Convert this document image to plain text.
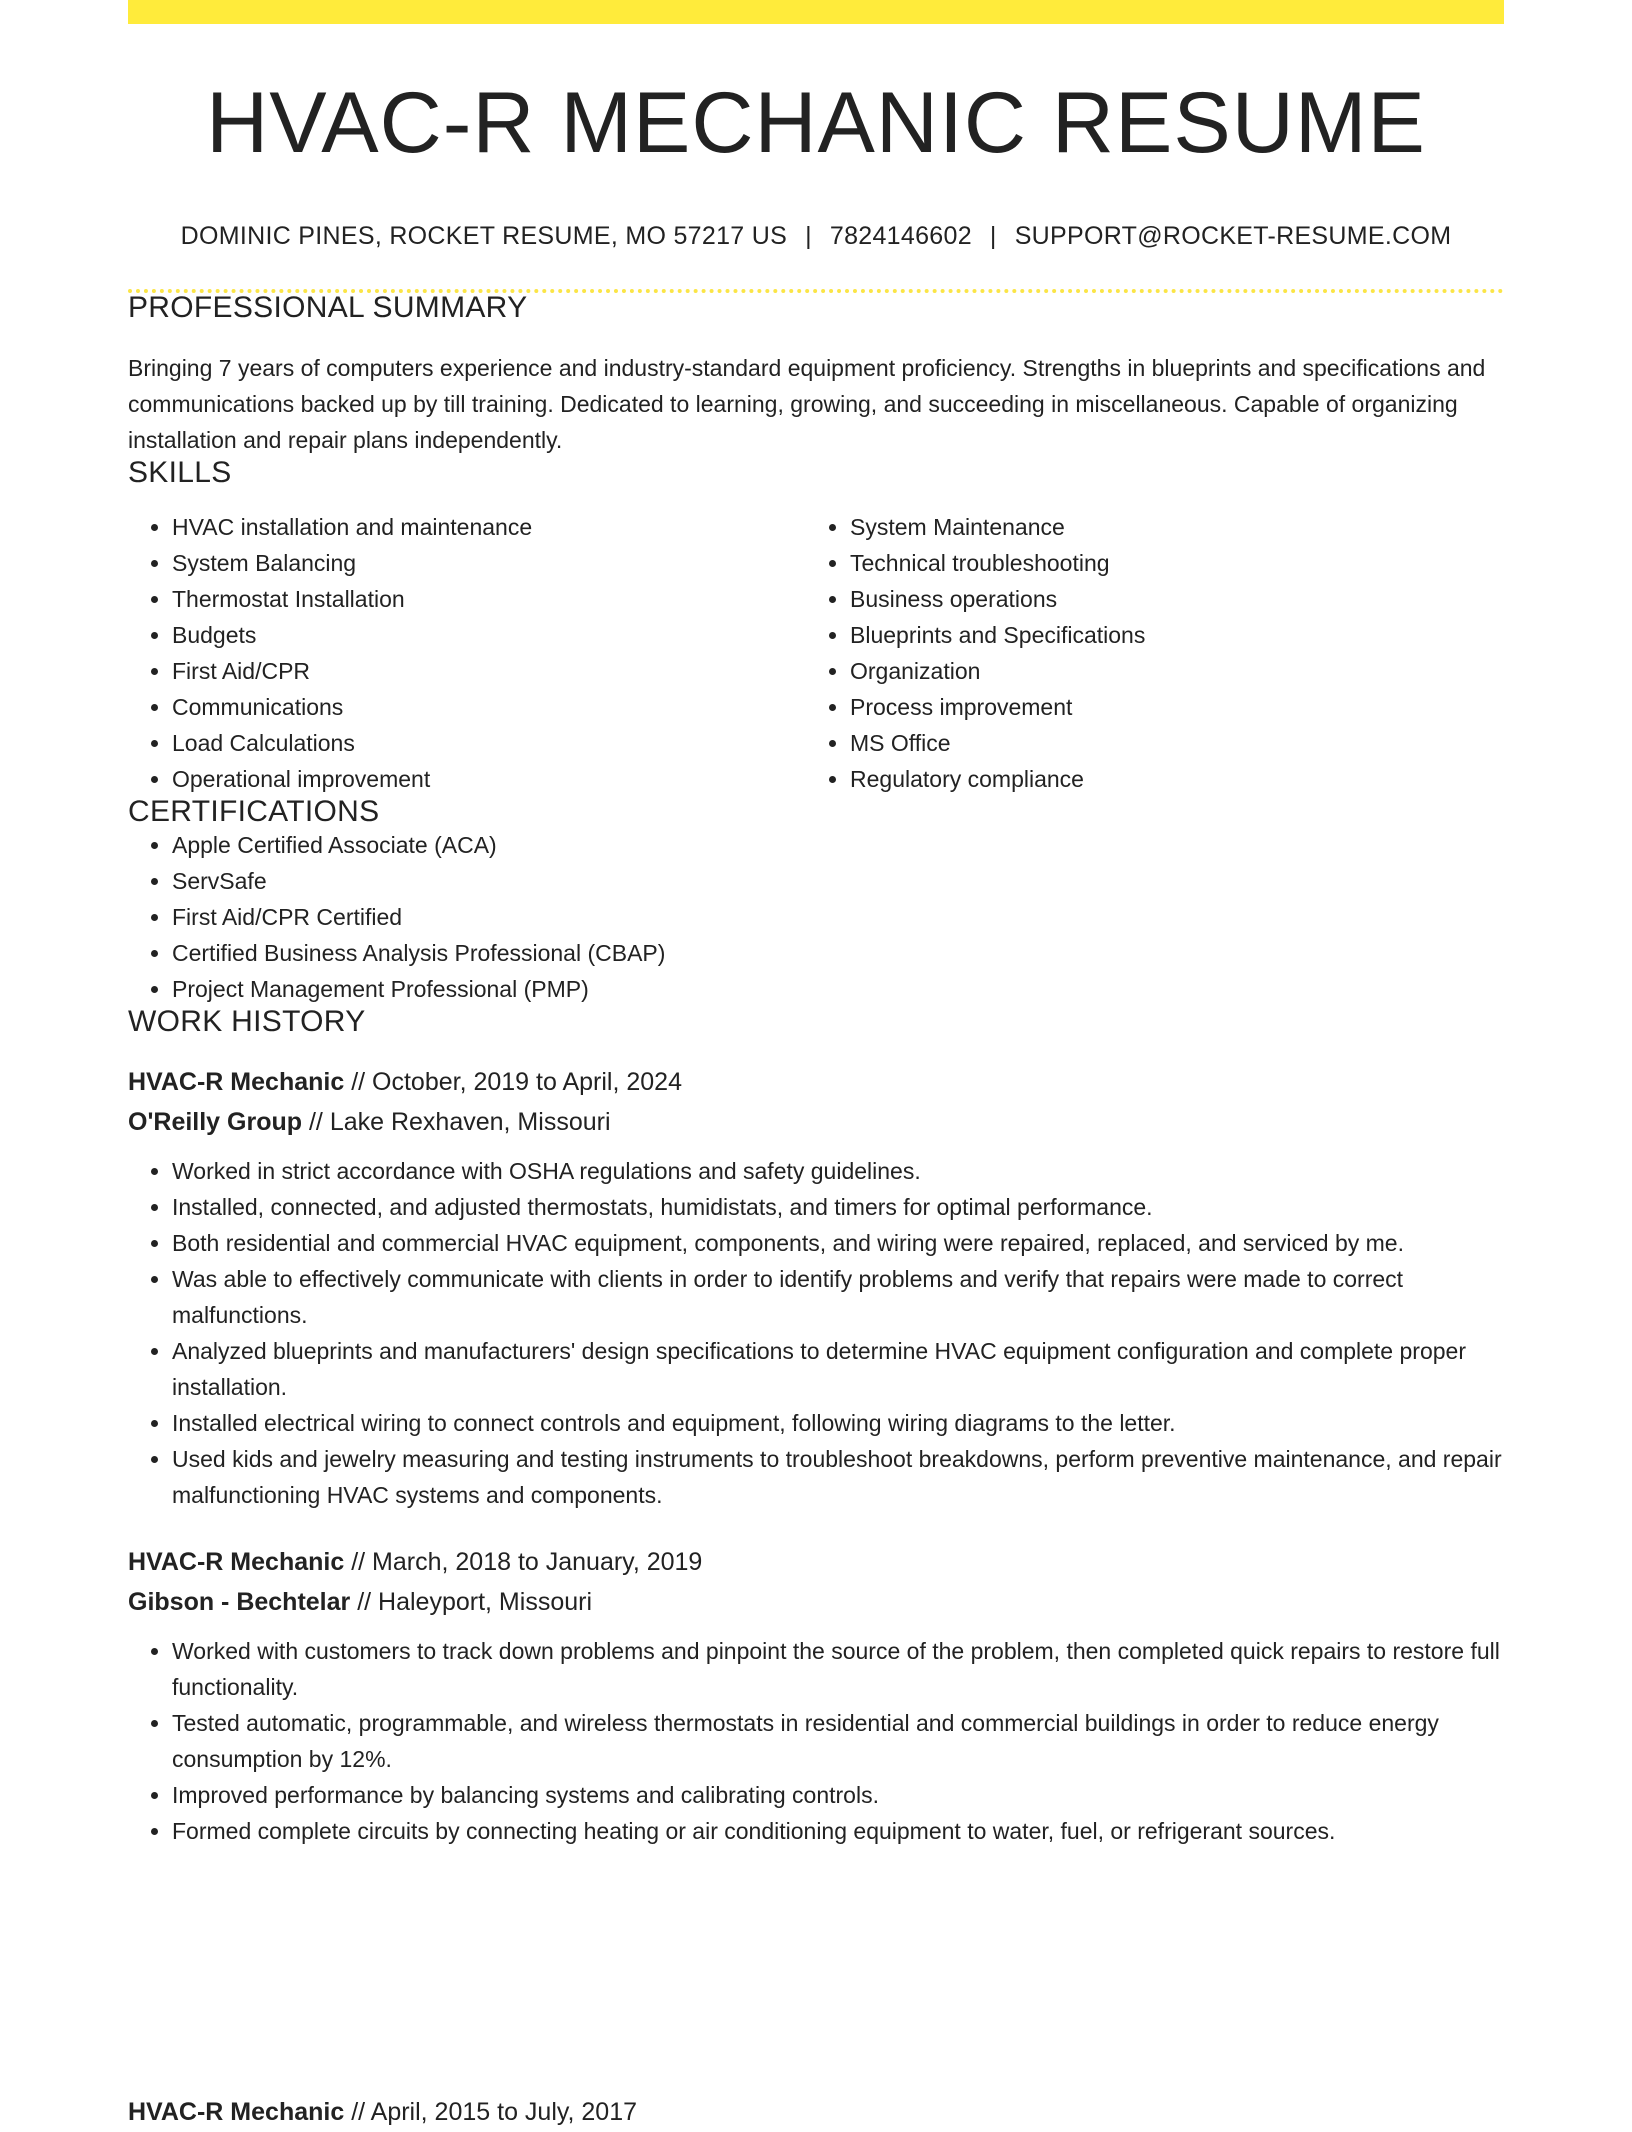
HVAC-R MECHANIC RESUME
DOMINIC PINES, ROCKET RESUME, MO 57217 US | 7824146602 | SUPPORT@ROCKET-RESUME.COM
PROFESSIONAL SUMMARY

Bringing 7 years of computers experience and industry-standard equipment proficiency. Strengths in blueprints and specifications and communications backed up by till training. Dedicated to learning, growing, and succeeding in miscellaneous. Capable of organizing installation and repair plans independently.

SKILLS
• HVAC installation and maintenance
• System Balancing
• Thermostat Installation
• Budgets
• First Aid/CPR
• Communications
• Load Calculations
• Operational improvement
• System Maintenance
• Technical troubleshooting
• Business operations
• Blueprints and Specifications
• Organization
• Process improvement
• MS Office
• Regulatory compliance
CERTIFICATIONS
• Apple Certified Associate (ACA)
• ServSafe
• First Aid/CPR Certified
• Certified Business Analysis Professional (CBAP)
• Project Management Professional (PMP)
WORK HISTORY
HVAC-R Mechanic // October, 2019 to April, 2024
O'Reilly Group // Lake Rexhaven, Missouri
• Worked in strict accordance with OSHA regulations and safety guidelines.
• Installed, connected, and adjusted thermostats, humidistats, and timers for optimal performance.
• Both residential and commercial HVAC equipment, components, and wiring were repaired, replaced, and serviced by me.
• Was able to effectively communicate with clients in order to identify problems and verify that repairs were made to correct malfunctions.
• Analyzed blueprints and manufacturers' design specifications to determine HVAC equipment configuration and complete proper installation.
• Installed electrical wiring to connect controls and equipment, following wiring diagrams to the letter.
• Used kids and jewelry measuring and testing instruments to troubleshoot breakdowns, perform preventive maintenance, and repair malfunctioning HVAC systems and components.
HVAC-R Mechanic // March, 2018 to January, 2019
Gibson - Bechtelar // Haleyport, Missouri
• Worked with customers to track down problems and pinpoint the source of the problem, then completed quick repairs to restore full functionality.
• Tested automatic, programmable, and wireless thermostats in residential and commercial buildings in order to reduce energy consumption by 12%.
• Improved performance by balancing systems and calibrating controls.
• Formed complete circuits by connecting heating or air conditioning equipment to water, fuel, or refrigerant sources.
HVAC-R Mechanic // April, 2015 to July, 2017
